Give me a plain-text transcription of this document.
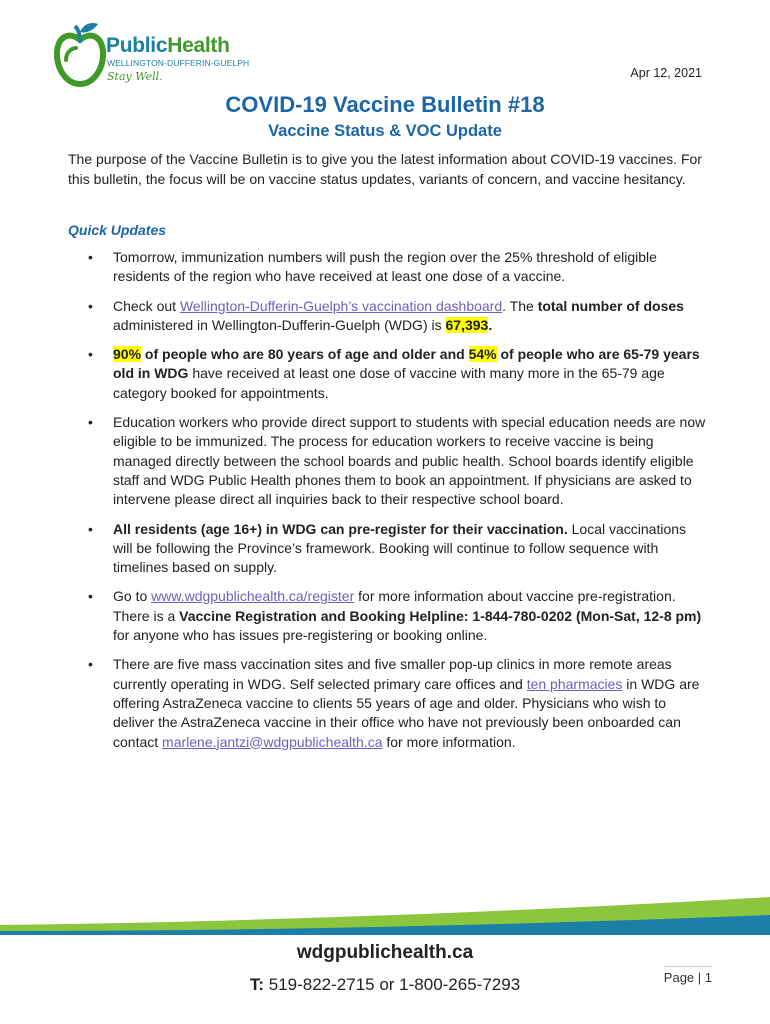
PublicHealth
WELLINGTON-DUFFERIN-GUELPH
Stay Well.	Apr 12, 2021
COVID-19 Vaccine Bulletin #18
Vaccine Status & VOC Update

The purpose of the Vaccine Bulletin is to give you the latest information about COVID-19 vaccines. For this bulletin, the focus will be on vaccine status updates, variants of concern, and vaccine hesitancy.

Quick Updates
• Tomorrow, immunization numbers will push the region over the 25% threshold of eligible residents of the region who have received at least one dose of a vaccine.
• Check out Wellington-Dufferin-Guelph’s vaccination dashboard. The total number of doses administered in Wellington-Dufferin-Guelph (WDG) is 67,393.
• 90% of people who are 80 years of age and older and 54% of people who are 65-79 years old in WDG have received at least one dose of vaccine with many more in the 65-79 age category booked for appointments.
• Education workers who provide direct support to students with special education needs are now eligible to be immunized. The process for education workers to receive vaccine is being managed directly between the school boards and public health. School boards identify eligible staff and WDG Public Health phones them to book an appointment. If physicians are asked to intervene please direct all inquiries back to their respective school board.
• All residents (age 16+) in WDG can pre-register for their vaccination. Local vaccinations will be following the Province’s framework. Booking will continue to follow sequence with timelines based on supply.
• Go to www.wdgpublichealth.ca/register for more information about vaccine pre-registration. There is a Vaccine Registration and Booking Helpline: 1-844-780-0202 (Mon-Sat, 12-8 pm) for anyone who has issues pre-registering or booking online.
• There are five mass vaccination sites and five smaller pop-up clinics in more remote areas currently operating in WDG. Self selected primary care offices and ten pharmacies in WDG are offering AstraZeneca vaccine to clients 55 years of age and older. Physicians who wish to deliver the AstraZeneca vaccine in their office who have not previously been onboarded can contact marlene.jantzi@wdgpublichealth.ca for more information.
wdgpublichealth.ca
T: 519-822-2715 or 1-800-265-7293	Page | 1
